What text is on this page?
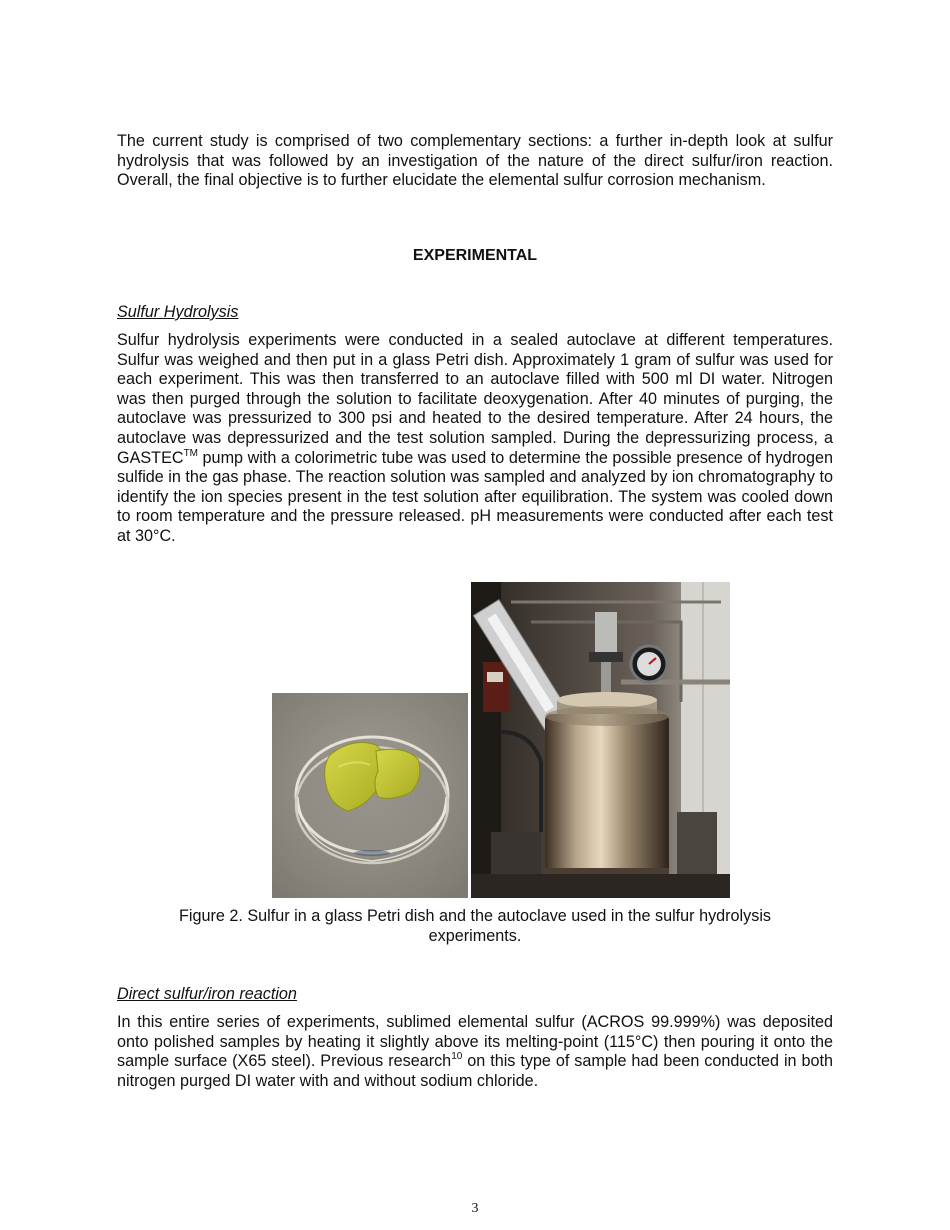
The current study is comprised of two complementary sections: a further in-depth look at sulfur hydrolysis that was followed by an investigation of the nature of the direct sulfur/iron reaction. Overall, the final objective is to further elucidate the elemental sulfur corrosion mechanism.

EXPERIMENTAL

Sulfur Hydrolysis

Sulfur hydrolysis experiments were conducted in a sealed autoclave at different temperatures. Sulfur was weighed and then put in a glass Petri dish. Approximately 1 gram of sulfur was used for each experiment. This was then transferred to an autoclave filled with 500 ml DI water. Nitrogen was then purged through the solution to facilitate deoxygenation. After 40 minutes of purging, the autoclave was pressurized to 300 psi and heated to the desired temperature. After 24 hours, the autoclave was depressurized and the test solution sampled. During the depressurizing process, a GASTEC™ pump with a colorimetric tube was used to determine the possible presence of hydrogen sulfide in the gas phase. The reaction solution was sampled and analyzed by ion chromatography to identify the ion species present in the test solution after equilibration. The system was cooled down to room temperature and the pressure released. pH measurements were conducted after each test at 30°C.

Figure 2. Sulfur in a glass Petri dish and the autoclave used in the sulfur hydrolysis
experiments.

Direct sulfur/iron reaction

In this entire series of experiments, sublimed elemental sulfur (ACROS 99.999%) was deposited onto polished samples by heating it slightly above its melting-point (115°C) then pouring it onto the sample surface (X65 steel). Previous research$^{10}$ on this type of sample had been conducted in both nitrogen purged DI water with and without sodium chloride.

3
